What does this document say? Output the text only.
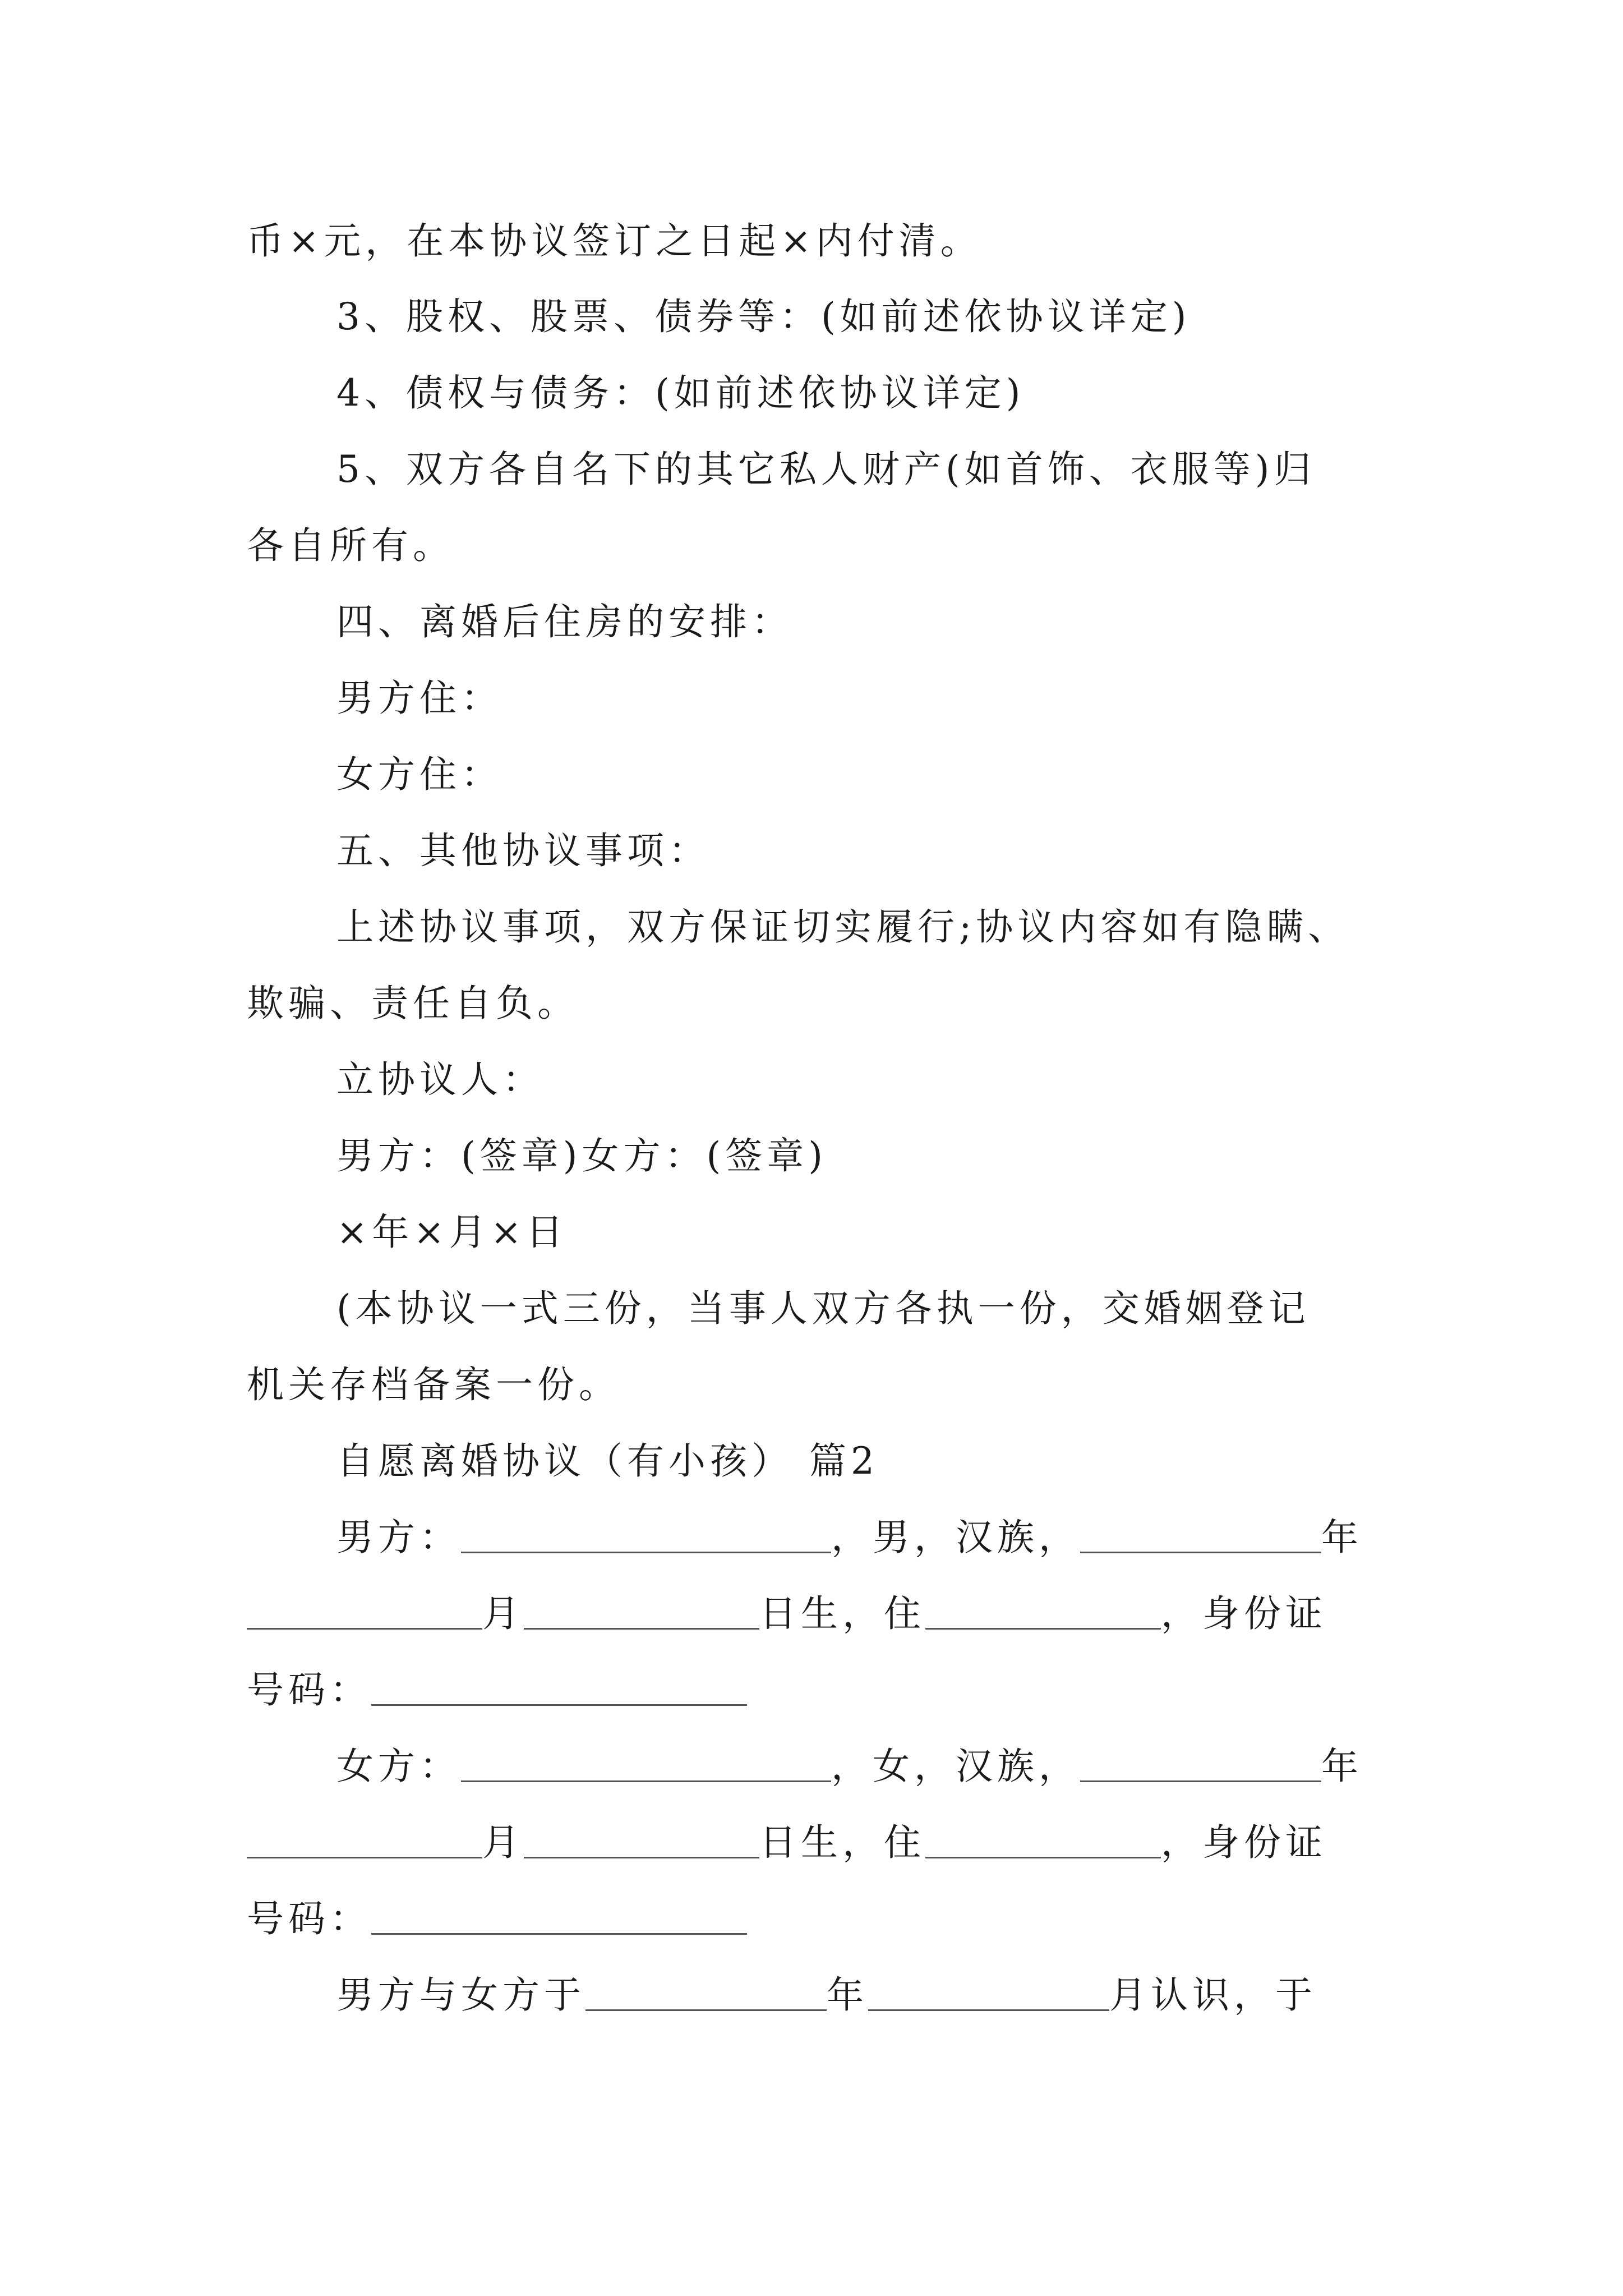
币×元，在本协议签订之日起×内付清。
3、股权、股票、债券等：(如前述依协议详定)
4、债权与债务：(如前述依协议详定)
5、双方各自名下的其它私人财产(如首饰、衣服等)归
各自所有。
四、离婚后住房的安排：
男方住：
女方住：
五、其他协议事项：
上述协议事项，双方保证切实履行;协议内容如有隐瞒、
欺骗、责任自负。
立协议人：
男方：(签章)女方：(签章)
×年×月×日
(本协议一式三份，当事人双方各执一份，交婚姻登记
机关存档备案一份。
自愿离婚协议（有小孩） 篇2
男方：	，男，汉族，	年
月	日生，住	，身份证
号码：
女方：	，女，汉族，	年
月	日生，住	，身份证
号码：
男方与女方于	年	月认识，于
